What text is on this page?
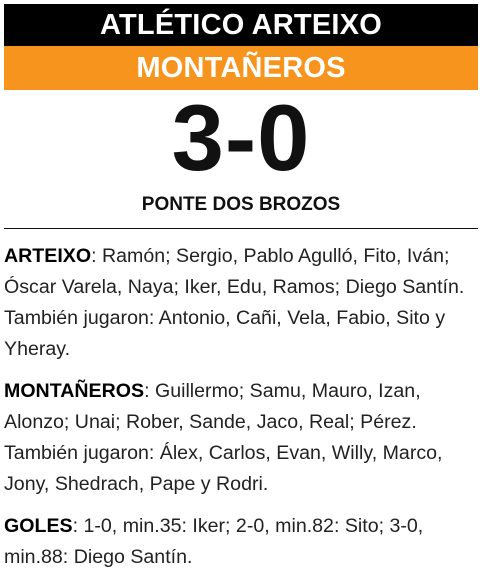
ATLÉTICO ARTEIXO
MONTAÑEROS
3-0
PONTE DOS BROZOS
ARTEIXO: Ramón; Sergio, Pablo Agulló, Fito, Iván; Óscar Varela, Naya; Iker, Edu, Ramos; Diego Santín. También jugaron: Antonio, Cañi, Vela, Fabio, Sito y Yheray.
MONTAÑEROS: Guillermo; Samu, Mauro, Izan, Alonzo; Unai; Rober, Sande, Jaco, Real; Pérez. También jugaron: Álex, Carlos, Evan, Willy, Marco, Jony, Shedrach, Pape y Rodri.
GOLES: 1-0, min.35: Iker; 2-0, min.82: Sito; 3-0, min.88: Diego Santín.
